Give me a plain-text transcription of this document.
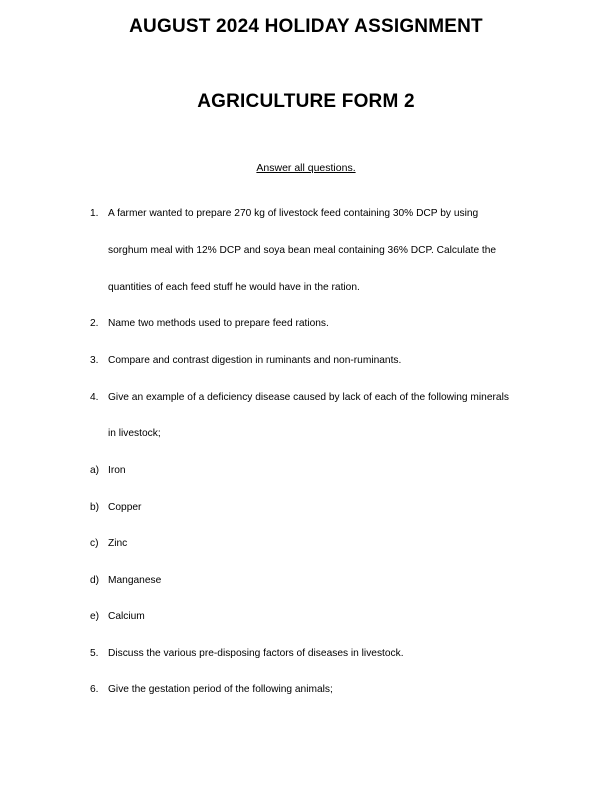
AUGUST 2024 HOLIDAY ASSIGNMENT
AGRICULTURE FORM 2
Answer all questions.
1. A farmer wanted to prepare 270 kg of livestock feed containing 30% DCP by using
sorghum meal with 12% DCP and soya bean meal containing 36% DCP. Calculate the
quantities of each feed stuff he would have in the ration.
2. Name two methods used to prepare feed rations.
3. Compare and contrast digestion in ruminants and non-ruminants.
4. Give an example of a deficiency disease caused by lack of each of the following minerals
in livestock;
a) Iron
b) Copper
c) Zinc
d) Manganese
e) Calcium
5. Discuss the various pre-disposing factors of diseases in livestock.
6. Give the gestation period of the following animals;
